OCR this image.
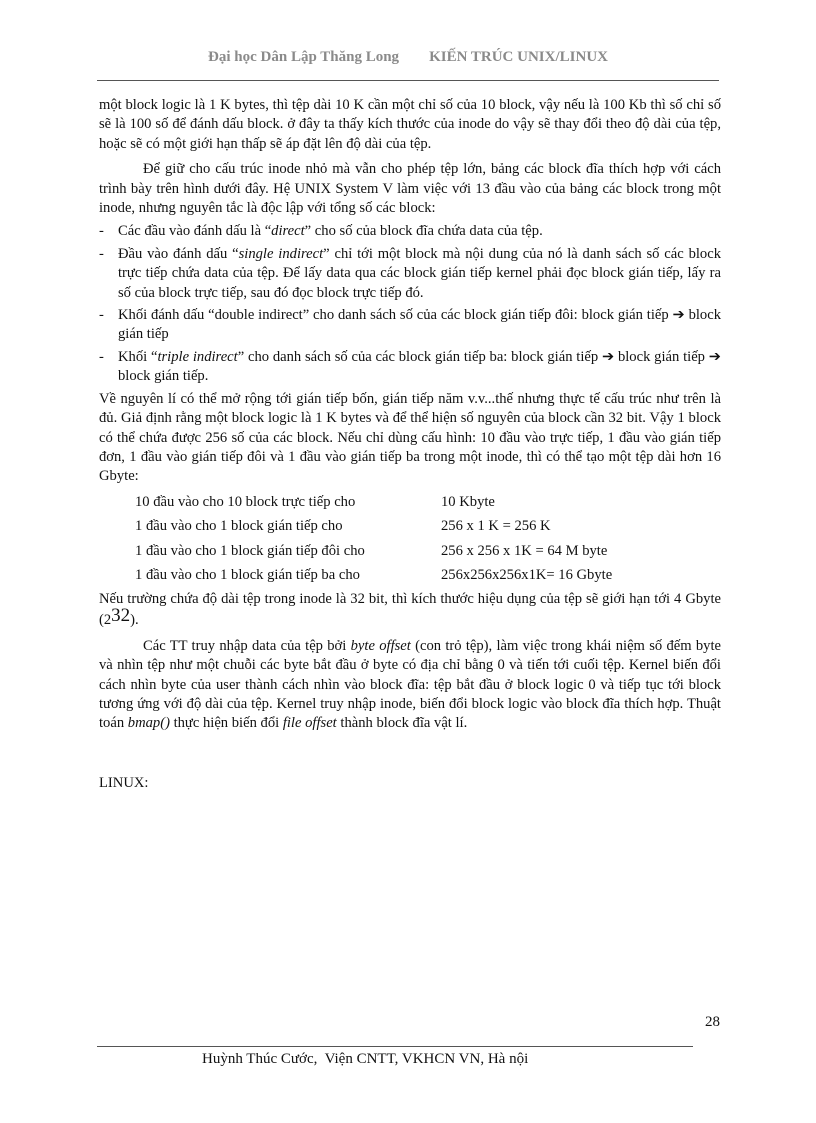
Đại học Dân Lập Thăng Long KIẾN TRÚC UNIX/LINUX

một block logic là 1 K bytes, thì tệp dài 10 K cần một chỉ số của 10 block, vậy nếu là 100 Kb thì số chỉ số sẽ là 100 số để đánh dấu block. ở đây ta thấy kích thước của inode do vậy sẽ thay đổi theo độ dài của tệp, hoặc sẽ có một giới hạn thấp sẽ áp đặt lên độ dài của tệp.

Để giữ cho cấu trúc inode nhỏ mà vẫn cho phép tệp lớn, bảng các block đĩa thích hợp với cách trình bày trên hình dưới đây. Hệ UNIX System V làm việc với 13 đầu vào của bảng các block trong một inode, nhưng nguyên tắc là độc lập với tổng số các block:

- Các đầu vào đánh dấu là “direct” cho số của block đĩa chứa data của tệp.
- Đầu vào đánh dấu “single indirect” chỉ tới một block mà nội dung của nó là danh sách số các block trực tiếp chứa data của tệp. Để lấy data qua các block gián tiếp kernel phải đọc block gián tiếp, lấy ra số của block trực tiếp, sau đó đọc block trực tiếp đó.
- Khối đánh dấu “double indirect” cho danh sách số của các block gián tiếp đôi: block gián tiếp ➔ block gián tiếp
- Khối “triple indirect” cho danh sách số của các block gián tiếp ba: block gián tiếp ➔ block gián tiếp ➔ block gián tiếp.

Về nguyên lí có thể mở rộng tới gián tiếp bốn, gián tiếp năm v.v...thế nhưng thực tế cấu trúc như trên là đủ. Giả định rằng một block logic là 1 K bytes và để thể hiện số nguyên của block cần 32 bit. Vậy 1 block có thể chứa được 256 số của các block. Nếu chỉ dùng cấu hình: 10 đầu vào trực tiếp, 1 đầu vào gián tiếp đơn, 1 đầu vào gián tiếp đôi và 1 đầu vào gián tiếp ba trong một inode, thì có thể tạo một tệp dài hơn 16 Gbyte:

10 đầu vào cho 10 block trực tiếp cho	10 Kbyte
1 đầu vào cho 1 block gián tiếp cho	256 x 1 K = 256 K
1 đầu vào cho 1 block gián tiếp đôi cho	256 x 256 x 1K = 64 M byte
1 đầu vào cho 1 block gián tiếp ba cho	256x256x256x1K= 16 Gbyte

Nếu trường chứa độ dài tệp trong inode là 32 bit, thì kích thước hiệu dụng của tệp sẽ giới hạn tới 4 Gbyte (232).

Các TT truy nhập data của tệp bởi byte offset (con trỏ tệp), làm việc trong khái niệm số đếm byte và nhìn tệp như một chuỗi các byte bắt đầu ở byte có địa chỉ bằng 0 và tiến tới cuối tệp. Kernel biến đổi cách nhìn byte của user thành cách nhìn vào block đĩa: tệp bắt đầu ở block logic 0 và tiếp tục tới block tương ứng với độ dài của tệp. Kernel truy nhập inode, biến đổi block logic vào block đĩa thích hợp. Thuật toán bmap() thực hiện biến đổi file offset thành block đĩa vật lí.

LINUX:

28
Huỳnh Thúc Cước,  Viện CNTT, VKHCN VN, Hà nội
